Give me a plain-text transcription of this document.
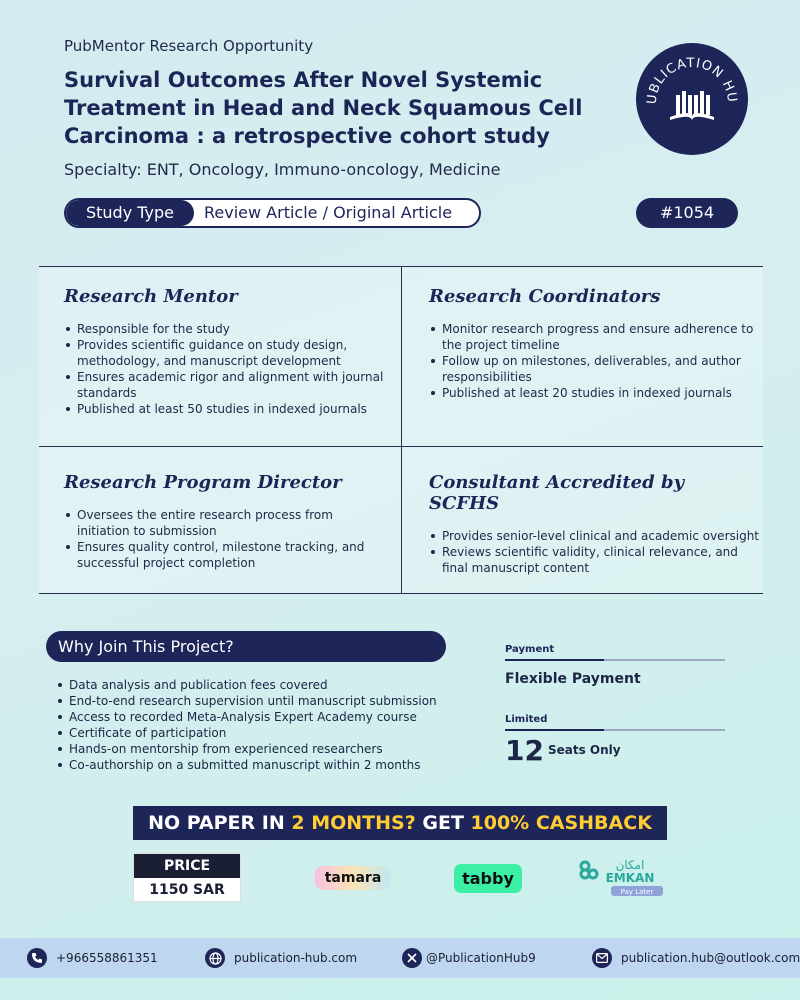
PubMentor Research Opportunity
Survival Outcomes After Novel Systemic Treatment in Head and Neck Squamous Cell Carcinoma : a retrospective cohort study
Specialty: ENT, Oncology, Immuno-oncology, Medicine
UBLICATION HU
Study Type	Review Article / Original Article	#1054
Research Mentor
Responsible for the study
Provides scientific guidance on study design, methodology, and manuscript development
Ensures academic rigor and alignment with journal standards
Published at least 50 studies in indexed journals
Research Coordinators
Monitor research progress and ensure adherence to the project timeline
Follow up on milestones, deliverables, and author responsibilities
Published at least 20 studies in indexed journals
Research Program Director
Oversees the entire research process from initiation to submission
Ensures quality control, milestone tracking, and successful project completion
Consultant Accredited by SCFHS
Provides senior-level clinical and academic oversight
Reviews scientific validity, clinical relevance, and final manuscript content
Why Join This Project?
Data analysis and publication fees covered
End-to-end research supervision until manuscript submission
Access to recorded Meta-Analysis Expert Academy course
Certificate of participation
Hands-on mentorship from experienced researchers
Co-authorship on a submitted manuscript within 2 months
Payment
Flexible Payment
Limited
12 Seats Only
NO PAPER IN 2 MONTHS? GET 100% CASHBACK
PRICE
1150 SAR
tamara	tabby
امكان
EMKAN
Pay Later
+966558861351	publication-hub.com	@PublicationHub9	publication.hub@outlook.com
